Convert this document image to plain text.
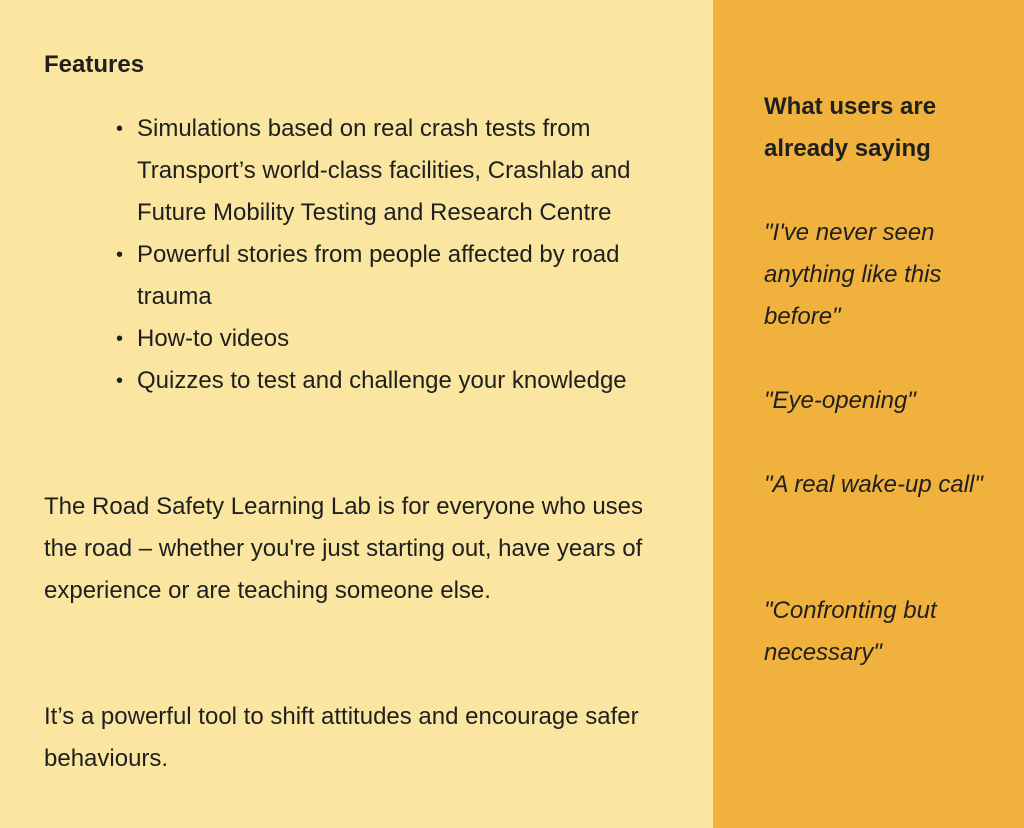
Features
• Simulations based on real crash tests from Transport’s world-class facilities, Crashlab and Future Mobility Testing and Research Centre
• Powerful stories from people affected by road trauma
• How-to videos
• Quizzes to test and challenge your knowledge

The Road Safety Learning Lab is for everyone who uses the road – whether you're just starting out, have years of experience or are teaching someone else.

It’s a powerful tool to shift attitudes and encourage safer behaviours.

What users are already saying

"I've never seen anything like this before"

"Eye-opening"

"A real wake-up call"

"Confronting but necessary"
